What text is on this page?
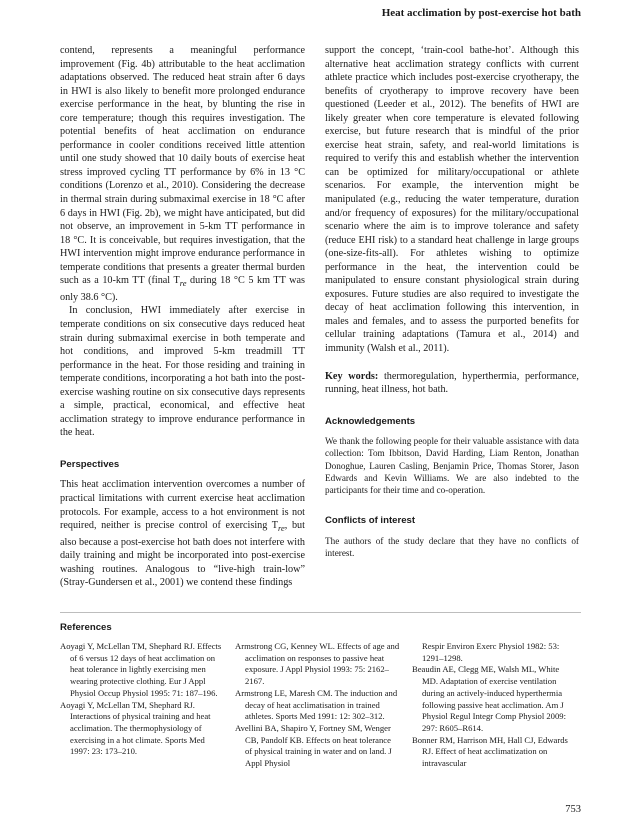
Heat acclimation by post-exercise hot bath

contend, represents a meaningful performance improvement (Fig. 4b) attributable to the heat acclimation adaptations observed. The reduced heat strain after 6 days in HWI is also likely to benefit more prolonged endurance exercise performance in the heat, by blunting the rise in core temperature; though this requires investigation. The potential benefits of heat acclimation on endurance performance in cooler conditions received little attention until one study showed that 10 daily bouts of exercise heat stress improved cycling TT performance by 6% in 13 °C conditions (Lorenzo et al., 2010). Considering the decrease in thermal strain during submaximal exercise in 18 °C after 6 days in HWI (Fig. 2b), we might have anticipated, but did not observe, an improvement in 5-km TT performance in 18 °C. It is conceivable, but requires investigation, that the HWI intervention might improve endurance performance in temperate conditions that presents a greater thermal burden such as a 10-km TT (final $T_{re}$ during 18 °C 5 km TT was only 38.6 °C).

In conclusion, HWI immediately after exercise in temperate conditions on six consecutive days reduced heat strain during submaximal exercise in both temperate and hot conditions, and improved 5-km treadmill TT performance in the heat. For those residing and training in temperate conditions, incorporating a hot bath into the post-exercise washing routine on six consecutive days represents a simple, practical, economical, and effective heat acclimation strategy to improve endurance performance in the heat.

Perspectives

This heat acclimation intervention overcomes a number of practical limitations with current exercise heat acclimation protocols. For example, access to a hot environment is not required, neither is precise control of exercising $T_{re}$, but also because a post-exercise hot bath does not interfere with daily training and might be incorporated into post-exercise washing routines. Analogous to “live-high train-low” (Stray-Gundersen et al., 2001) we contend these findings

support the concept, ‘train-cool bathe-hot’. Although this alternative heat acclimation strategy conflicts with current athlete practice which includes post-exercise cryotherapy, the benefits of cryotherapy to improve recovery have been questioned (Leeder et al., 2012). The benefits of HWI are likely greater when core temperature is elevated following exercise, but future research that is mindful of the prior exercise heat strain, safety, and real-world limitations is required to verify this and establish whether the intervention can be optimized for military/occupational or athlete scenarios. For example, the intervention might be manipulated (e.g., reducing the water temperature, duration and/or frequency of exposures) for the military/occupational scenario where the aim is to improve tolerance and safety (reduce EHI risk) to a standard heat challenge in large groups (one-size-fits-all). For athletes wishing to optimize performance in the heat, the intervention could be manipulated to ensure constant physiological strain during exposures. Future studies are also required to investigate the decay of heat acclimation following this intervention, in males and females, and to assess the purported benefits for cellular training adaptations (Tamura et al., 2014) and immunity (Walsh et al., 2011).

Key words: thermoregulation, hyperthermia, performance, running, heat illness, hot bath.

Acknowledgements

We thank the following people for their valuable assistance with data collection: Tom Ibbitson, David Harding, Liam Renton, Jonathan Donoghue, Lauren Casling, Benjamin Price, Thomas Storer, Jason Edwards and Kevin Williams. We are also indebted to the participants for their time and co-operation.

Conflicts of interest

The authors of the study declare that they have no conflicts of interest.

References

Aoyagi Y, McLellan TM, Shephard RJ. Effects of 6 versus 12 days of heat acclimation on heat tolerance in lightly exercising men wearing protective clothing. Eur J Appl Physiol Occup Physiol 1995: 71: 187–196.

Aoyagi Y, McLellan TM, Shephard RJ. Interactions of physical training and heat acclimation. The thermophysiology of exercising in a hot climate. Sports Med 1997: 23: 173–210.

Armstrong CG, Kenney WL. Effects of age and acclimation on responses to passive heat exposure. J Appl Physiol 1993: 75: 2162–2167.

Armstrong LE, Maresh CM. The induction and decay of heat acclimatisation in trained athletes. Sports Med 1991: 12: 302–312.

Avellini BA, Shapiro Y, Fortney SM, Wenger CB, Pandolf KB. Effects on heat tolerance of physical training in water and on land. J Appl Physiol

Respir Environ Exerc Physiol 1982: 53: 1291–1298.

Beaudin AE, Clegg ME, Walsh ML, White MD. Adaptation of exercise ventilation during an actively-induced hyperthermia following passive heat acclimation. Am J Physiol Regul Integr Comp Physiol 2009: 297: R605–R614.

Bonner RM, Harrison MH, Hall CJ, Edwards RJ. Effect of heat acclimatization on intravascular

753
